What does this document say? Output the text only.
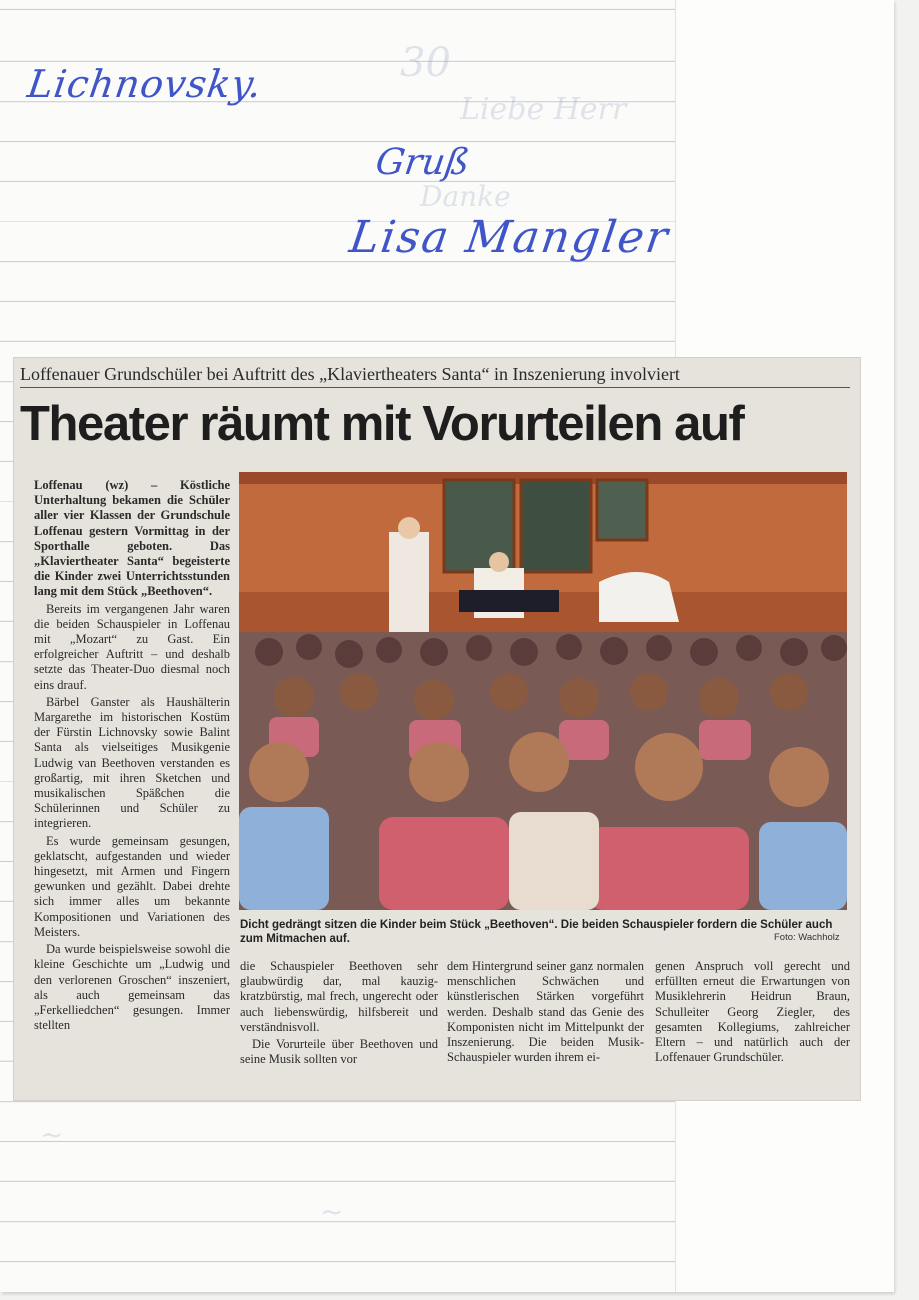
30
Liebe Herr
Danke
~
~
Lichnovsky.
Gruß
Lisa Mangler
Loffenauer Grundschüler bei Auftritt des „Klaviertheaters Santa“ in Inszenierung involviert
Theater räumt mit Vorurteilen auf

Loffenau (wz) – Köstliche Unterhaltung bekamen die Schüler aller vier Klassen der Grundschule Loffenau gestern Vormittag in der Sporthalle geboten. Das „Klaviertheater Santa“ begeisterte die Kinder zwei Unterrichtsstunden lang mit dem Stück „Beethoven“.

Bereits im vergangenen Jahr waren die beiden Schauspieler in Loffenau mit „Mozart“ zu Gast. Ein erfolgreicher Auftritt – und deshalb setzte das Theater-Duo diesmal noch eins drauf.

Bärbel Ganster als Haushälterin Margarethe im historischen Kostüm der Fürstin Lichnovsky sowie Balint Santa als vielseitiges Musikgenie Ludwig van Beethoven verstanden es großartig, mit ihren Sketchen und musikalischen Späßchen die Schülerinnen und Schüler zu integrieren.

Es wurde gemeinsam gesungen, geklatscht, aufgestanden und wieder hingesetzt, mit Armen und Fingern gewunken und gezählt. Dabei drehte sich immer alles um bekannte Kompositionen und Variationen des Meisters.

Da wurde beispielsweise sowohl die kleine Geschichte um „Ludwig und den verlorenen Groschen“ inszeniert, als auch gemeinsam das „Ferkelliedchen“ gesungen. Immer stellten

Dicht gedrängt sitzen die Kinder beim Stück „Beethoven“. Die beiden Schauspieler fordern die Schüler auch zum Mitmachen auf.	Foto: Wachholz

die Schauspieler Beethoven sehr glaubwürdig dar, mal kauzig-kratzbürstig, mal frech, ungerecht oder auch liebenswürdig, hilfsbereit und verständnisvoll.

Die Vorurteile über Beethoven und seine Musik sollten vor

dem Hintergrund seiner ganz normalen menschlichen Schwächen und künstlerischen Stärken vorgeführt werden. Deshalb stand das Genie des Komponisten nicht im Mittelpunkt der Inszenierung. Die beiden Musik-Schauspieler wurden ihrem ei-

genen Anspruch voll gerecht und erfüllten erneut die Erwartungen von Musiklehrerin Heidrun Braun, Schulleiter Georg Ziegler, des gesamten Kollegiums, zahlreicher Eltern – und natürlich auch der Loffenauer Grundschüler.
